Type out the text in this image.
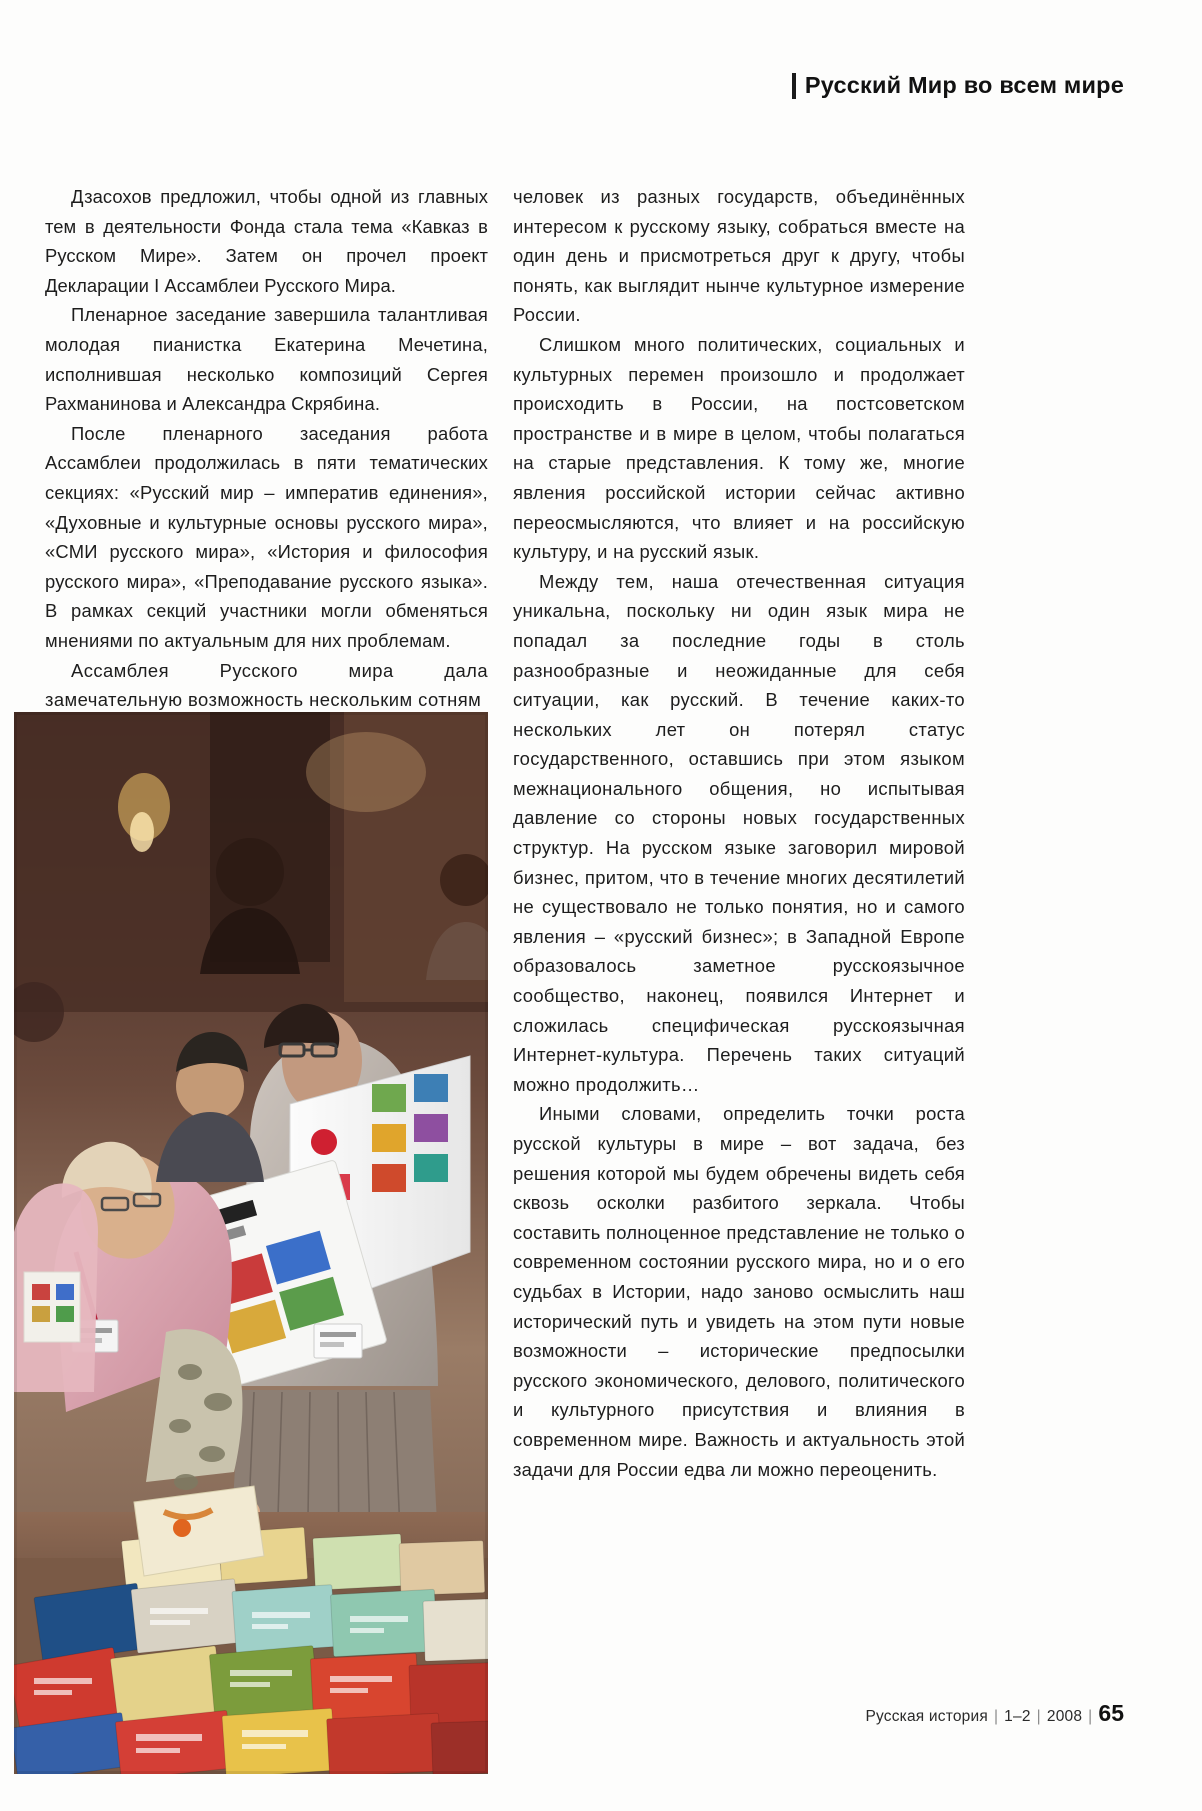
Русский Мир во всем мире

Дзасохов предложил, чтобы одной из главных тем в деятельности Фонда стала тема «Кавказ в Русском Мире». Затем он прочел проект Декларации I Ассамблеи Русского Мира.

Пленарное заседание завершила талантливая молодая пианистка Екатерина Мечетина, исполнившая несколько композиций Сергея Рахманинова и Александра Скрябина.

После пленарного заседания работа Ассамблеи продолжилась в пяти тематических секциях: «Русский мир – императив единения», «Духовные и культурные основы русского мира», «СМИ русского мира», «История и философия русского мира», «Преподавание русского языка». В рамках секций участники могли обменяться мнениями по актуальным для них проблемам.

Ассамблея Русского мира дала замечательную возможность нескольким сотням

человек из разных государств, объединённых интересом к русскому языку, собраться вместе на один день и присмотреться друг к другу, чтобы понять, как выглядит нынче культурное измерение России.

Слишком много политических, социальных и культурных перемен произошло и продолжает происходить в России, на постсоветском пространстве и в мире в целом, чтобы полагаться на старые представления. К тому же, многие явления российской истории сейчас активно переосмысляются, что влияет и на российскую культуру, и на русский язык.

Между тем, наша отечественная ситуация уникальна, поскольку ни один язык мира не попадал за последние годы в столь разнообразные и неожиданные для себя ситуации, как русский. В течение каких-то нескольких лет он потерял статус государственного, оставшись при этом языком межнационального общения, но испытывая давление со стороны новых государственных структур. На русском языке заговорил мировой бизнес, притом, что в течение многих десятилетий не существовало не только понятия, но и самого явления – «русский бизнес»; в Западной Европе образовалось заметное русскоязычное сообщество, наконец, появился Интернет и сложилась специфическая русскоязычная Интернет-культура. Перечень таких ситуаций можно продолжить…

Иными словами, определить точки роста русской культуры в мире – вот задача, без решения которой мы будем обречены видеть себя сквозь осколки разбитого зеркала. Чтобы составить полноценное представление не только о современном состоянии русского мира, но и о его судьбах в Истории, надо заново осмыслить наш исторический путь и увидеть на этом пути новые возможности – исторические предпосылки русского экономического, делового, политического и культурного присутствия и влияния в современном мире. Важность и актуальность этой задачи для России едва ли можно переоценить.

Русская история | 1–2 | 2008 | 65
